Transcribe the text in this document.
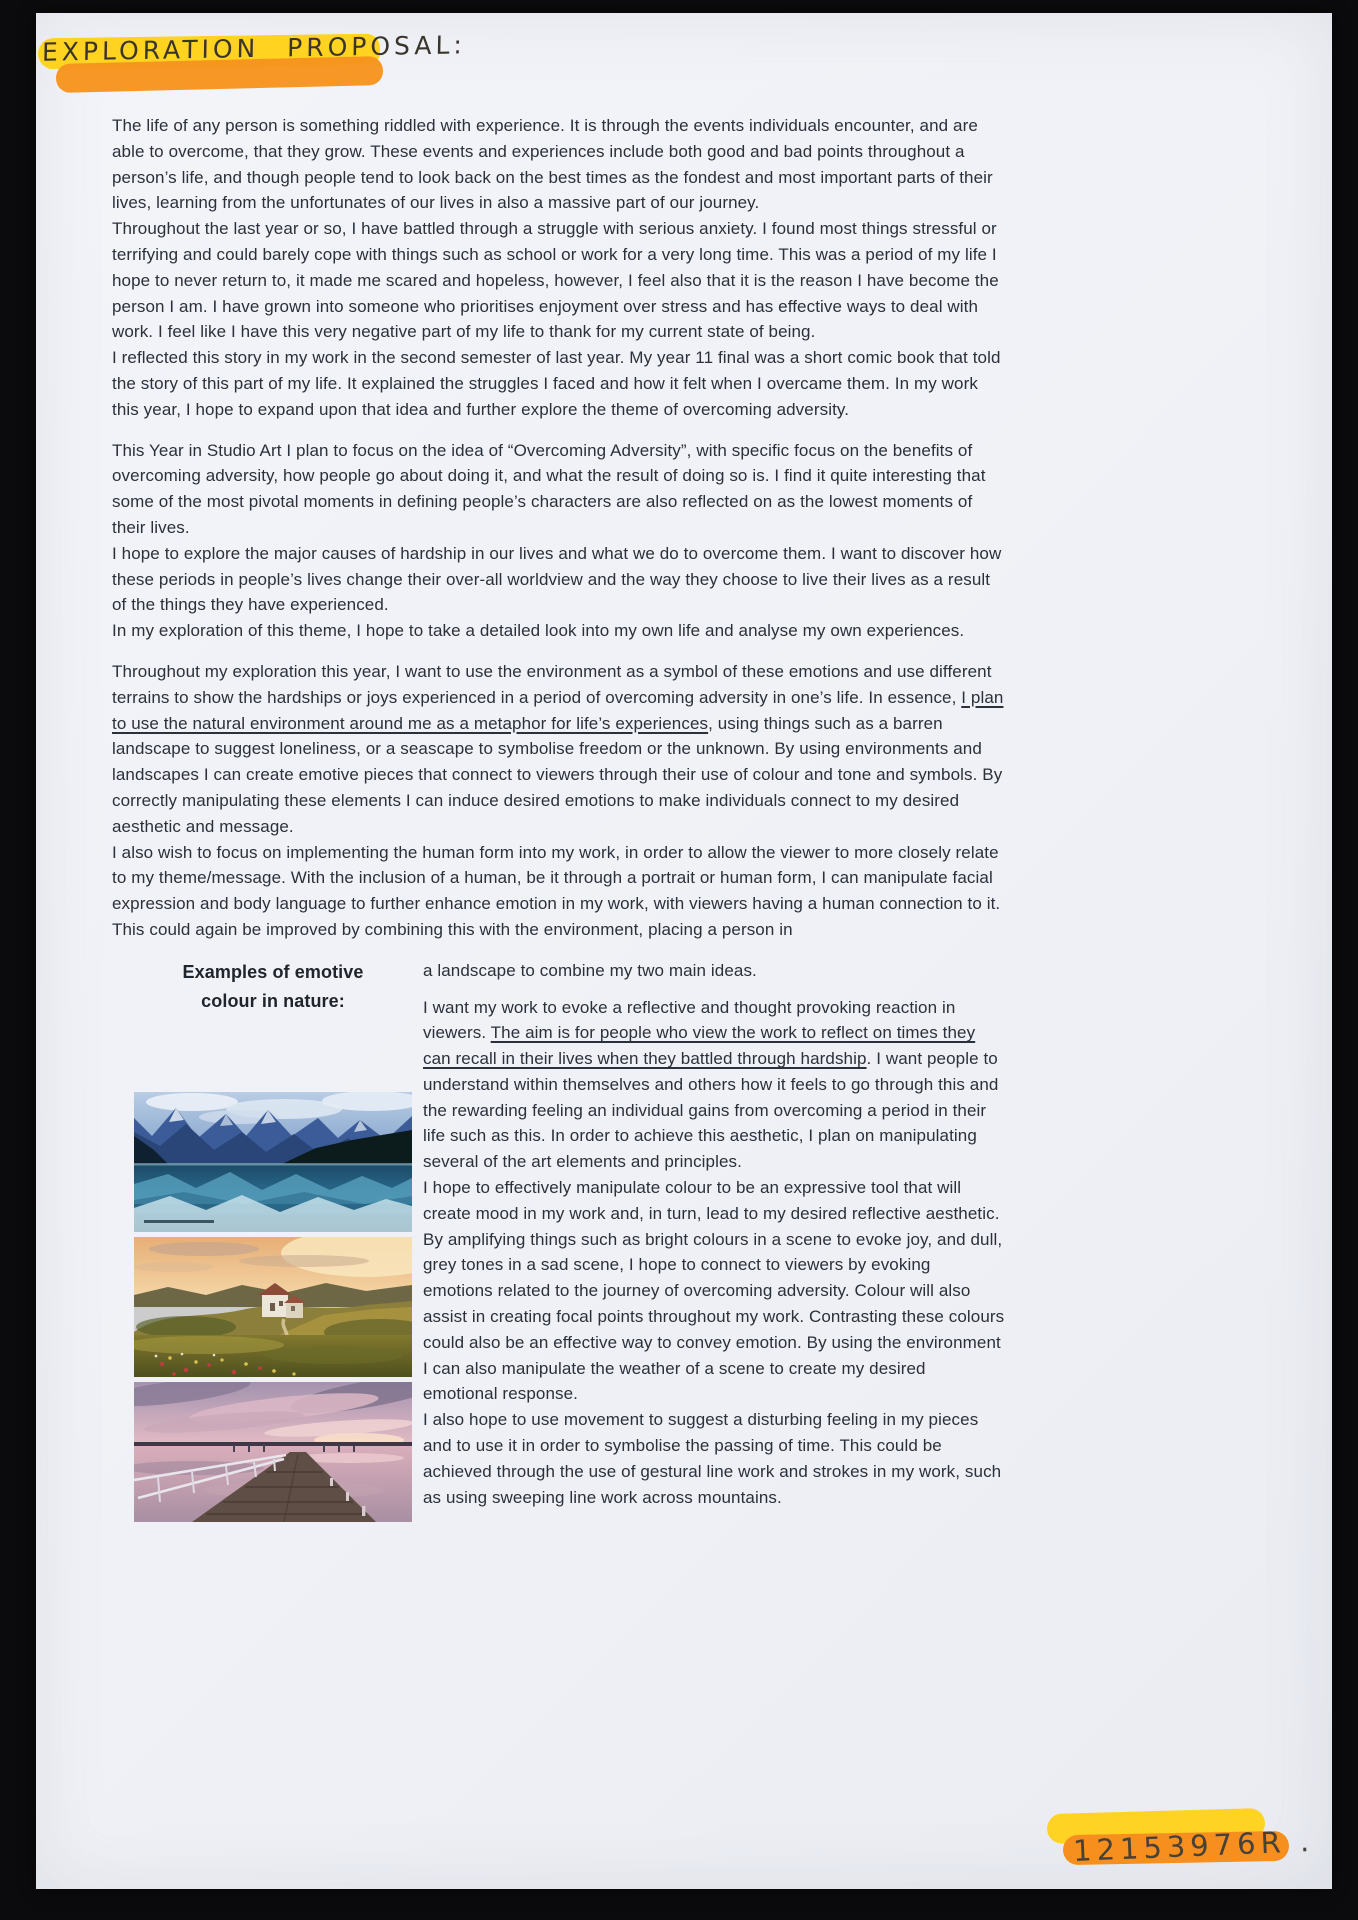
EXPLORATION PROPOSAL:

The life of any person is something riddled with experience. It is through the events individuals encounter, and are able to overcome, that they grow. These events and experiences include both good and bad points throughout a person’s life, and though people tend to look back on the best times as the fondest and most important parts of their lives, learning from the unfortunates of our lives in also a massive part of our journey.

Throughout the last year or so, I have battled through a struggle with serious anxiety. I found most things stressful or terrifying and could barely cope with things such as school or work for a very long time. This was a period of my life I hope to never return to, it made me scared and hopeless, however, I feel also that it is the reason I have become the person I am. I have grown into someone who prioritises enjoyment over stress and has effective ways to deal with work. I feel like I have this very negative part of my life to thank for my current state of being.

I reflected this story in my work in the second semester of last year. My year 11 final was a short comic book that told the story of this part of my life. It explained the struggles I faced and how it felt when I overcame them. In my work this year, I hope to expand upon that idea and further explore the theme of overcoming adversity.

This Year in Studio Art I plan to focus on the idea of “Overcoming Adversity”, with specific focus on the benefits of overcoming adversity, how people go about doing it, and what the result of doing so is. I find it quite interesting that some of the most pivotal moments in defining people’s characters are also reflected on as the lowest moments of their lives.

I hope to explore the major causes of hardship in our lives and what we do to overcome them. I want to discover how these periods in people’s lives change their over-all worldview and the way they choose to live their lives as a result of the things they have experienced.

In my exploration of this theme, I hope to take a detailed look into my own life and analyse my own experiences.

Throughout my exploration this year, I want to use the environment as a symbol of these emotions and use different terrains to show the hardships or joys experienced in a period of overcoming adversity in one’s life. In essence, I plan to use the natural environment around me as a metaphor for life’s experiences, using things such as a barren landscape to suggest loneliness, or a seascape to symbolise freedom or the unknown. By using environments and landscapes I can create emotive pieces that connect to viewers through their use of colour and tone and symbols. By correctly manipulating these elements I can induce desired emotions to make individuals connect to my desired aesthetic and message.

I also wish to focus on implementing the human form into my work, in order to allow the viewer to more closely relate to my theme/message. With the inclusion of a human, be it through a portrait or human form, I can manipulate facial expression and body language to further enhance emotion in my work, with viewers having a human connection to it. This could again be improved by combining this with the environment, placing a person in

Examples of emotive
colour in nature:

a landscape to combine my two main ideas.

I want my work to evoke a reflective and thought provoking reaction in viewers. The aim is for people who view the work to reflect on times they can recall in their lives when they battled through hardship. I want people to understand within themselves and others how it feels to go through this and the rewarding feeling an individual gains from overcoming a period in their life such as this. In order to achieve this aesthetic, I plan on manipulating several of the art elements and principles.

I hope to effectively manipulate colour to be an expressive tool that will create mood in my work and, in turn, lead to my desired reflective aesthetic. By amplifying things such as bright colours in a scene to evoke joy, and dull, grey tones in a sad scene, I hope to connect to viewers by evoking emotions related to the journey of overcoming adversity. Colour will also assist in creating focal points throughout my work. Contrasting these colours could also be an effective way to convey emotion. By using the environment I can also manipulate the weather of a scene to create my desired emotional response.

I also hope to use movement to suggest a disturbing feeling in my pieces and to use it in order to symbolise the passing of time. This could be achieved through the use of gestural line work and strokes in my work, such as using sweeping line work across mountains.

12153976R .
